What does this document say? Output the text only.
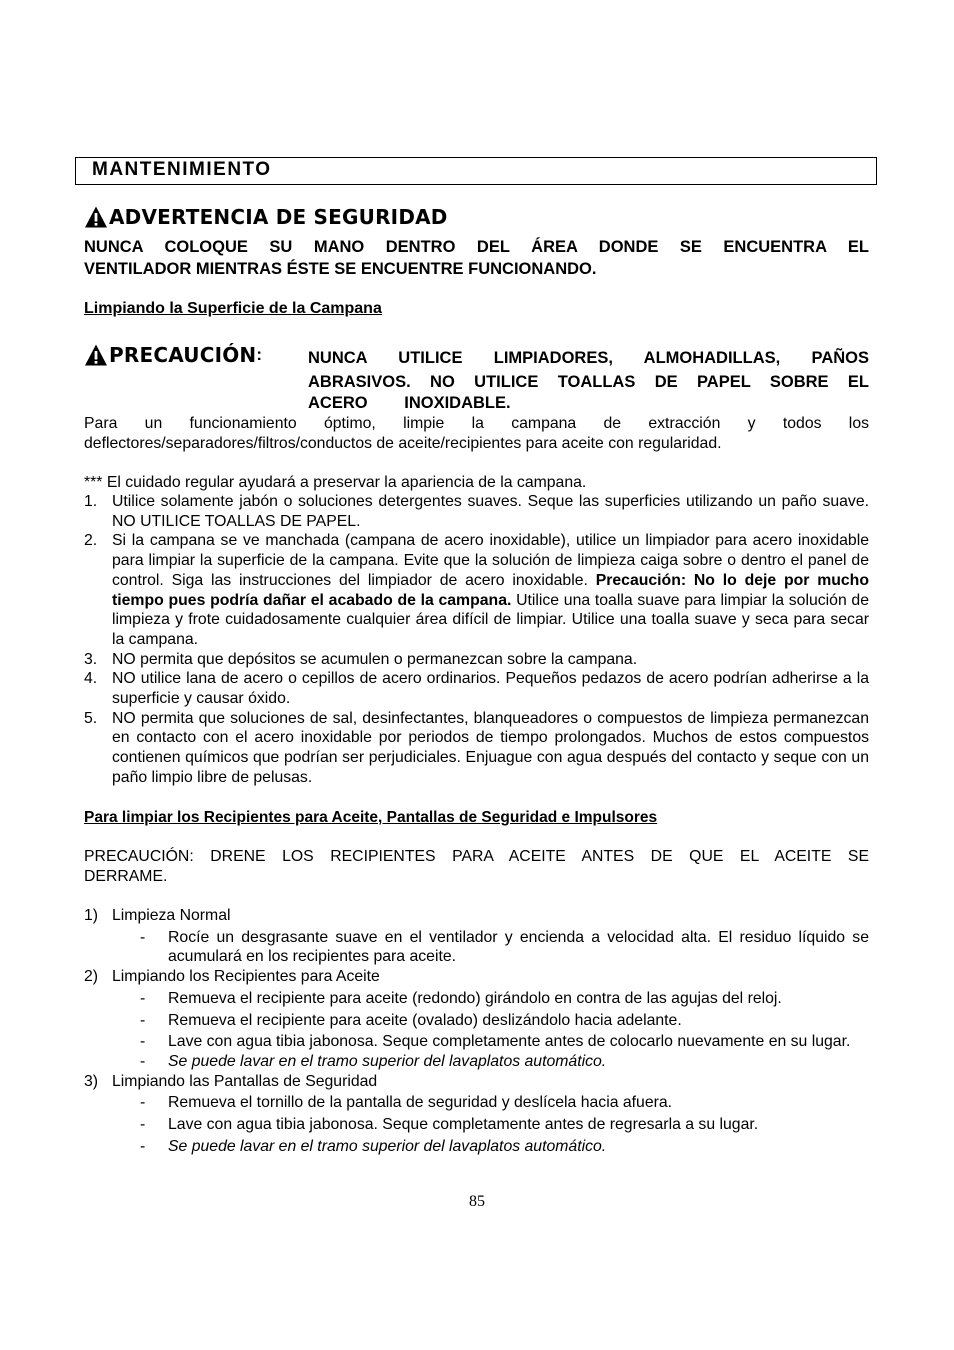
MANTENIMIENTO
ADVERTENCIA DE SEGURIDAD
NUNCA COLOQUE SU MANO DENTRO DEL ÁREA DONDE SE ENCUENTRA EL
VENTILADOR MIENTRAS ÉSTE SE ENCUENTRE FUNCIONANDO.
Limpiando la Superficie de la Campana
PRECAUCIÓN :	NUNCA UTILICE LIMPIADORES, ALMOHADILLAS, PAÑOS
ABRASIVOS. NO UTILICE TOALLAS DE PAPEL SOBRE EL
ACERO        INOXIDABLE.
Para un funcionamiento óptimo, limpie la campana de extracción y todos los
deflectores/separadores/filtros/conductos de aceite/recipientes para aceite con regularidad.
*** El cuidado regular ayudará a preservar la apariencia de la campana.
1. Utilice solamente jabón o soluciones detergentes suaves. Seque las superficies utilizando un paño suave. NO UTILICE TOALLAS DE PAPEL.
2. Si la campana se ve manchada (campana de acero inoxidable), utilice un limpiador para acero inoxidable para limpiar la superficie de la campana. Evite que la solución de limpieza caiga sobre o dentro el panel de control. Siga las instrucciones del limpiador de acero inoxidable. Precaución: No lo deje por mucho tiempo pues podría dañar el acabado de la campana. Utilice una toalla suave para limpiar la solución de limpieza y frote cuidadosamente cualquier área difícil de limpiar. Utilice una toalla suave y seca para secar la campana.
3. NO permita que depósitos se acumulen o permanezcan sobre la campana.
4. NO utilice lana de acero o cepillos de acero ordinarios. Pequeños pedazos de acero podrían adherirse a la superficie y causar óxido.
5. NO permita que soluciones de sal, desinfectantes, blanqueadores o compuestos de limpieza permanezcan en contacto con el acero inoxidable por periodos de tiempo prolongados. Muchos de estos compuestos contienen químicos que podrían ser perjudiciales. Enjuague con agua después del contacto y seque con un paño limpio libre de pelusas.
Para limpiar los Recipientes para Aceite, Pantallas de Seguridad e Impulsores
PRECAUCIÓN: DRENE LOS RECIPIENTES PARA ACEITE ANTES DE QUE EL ACEITE SE
DERRAME.
1) Limpieza Normal
-	Rocíe un desgrasante suave en el ventilador y encienda a velocidad alta. El residuo líquido se acumulará en los recipientes para aceite.
2) Limpiando los Recipientes para Aceite
-	Remueva el recipiente para aceite (redondo) girándolo en contra de las agujas del reloj.
-	Remueva el recipiente para aceite (ovalado) deslizándolo hacia adelante.
-	Lave con agua tibia jabonosa. Seque completamente antes de colocarlo nuevamente en su lugar.
-	Se puede lavar en el tramo superior del lavaplatos automático.
3) Limpiando las Pantallas de Seguridad
-	Remueva el tornillo de la pantalla de seguridad y deslícela hacia afuera.
-	Lave con agua tibia jabonosa. Seque completamente antes de regresarla a su lugar.
-	Se puede lavar en el tramo superior del lavaplatos automático.
85
